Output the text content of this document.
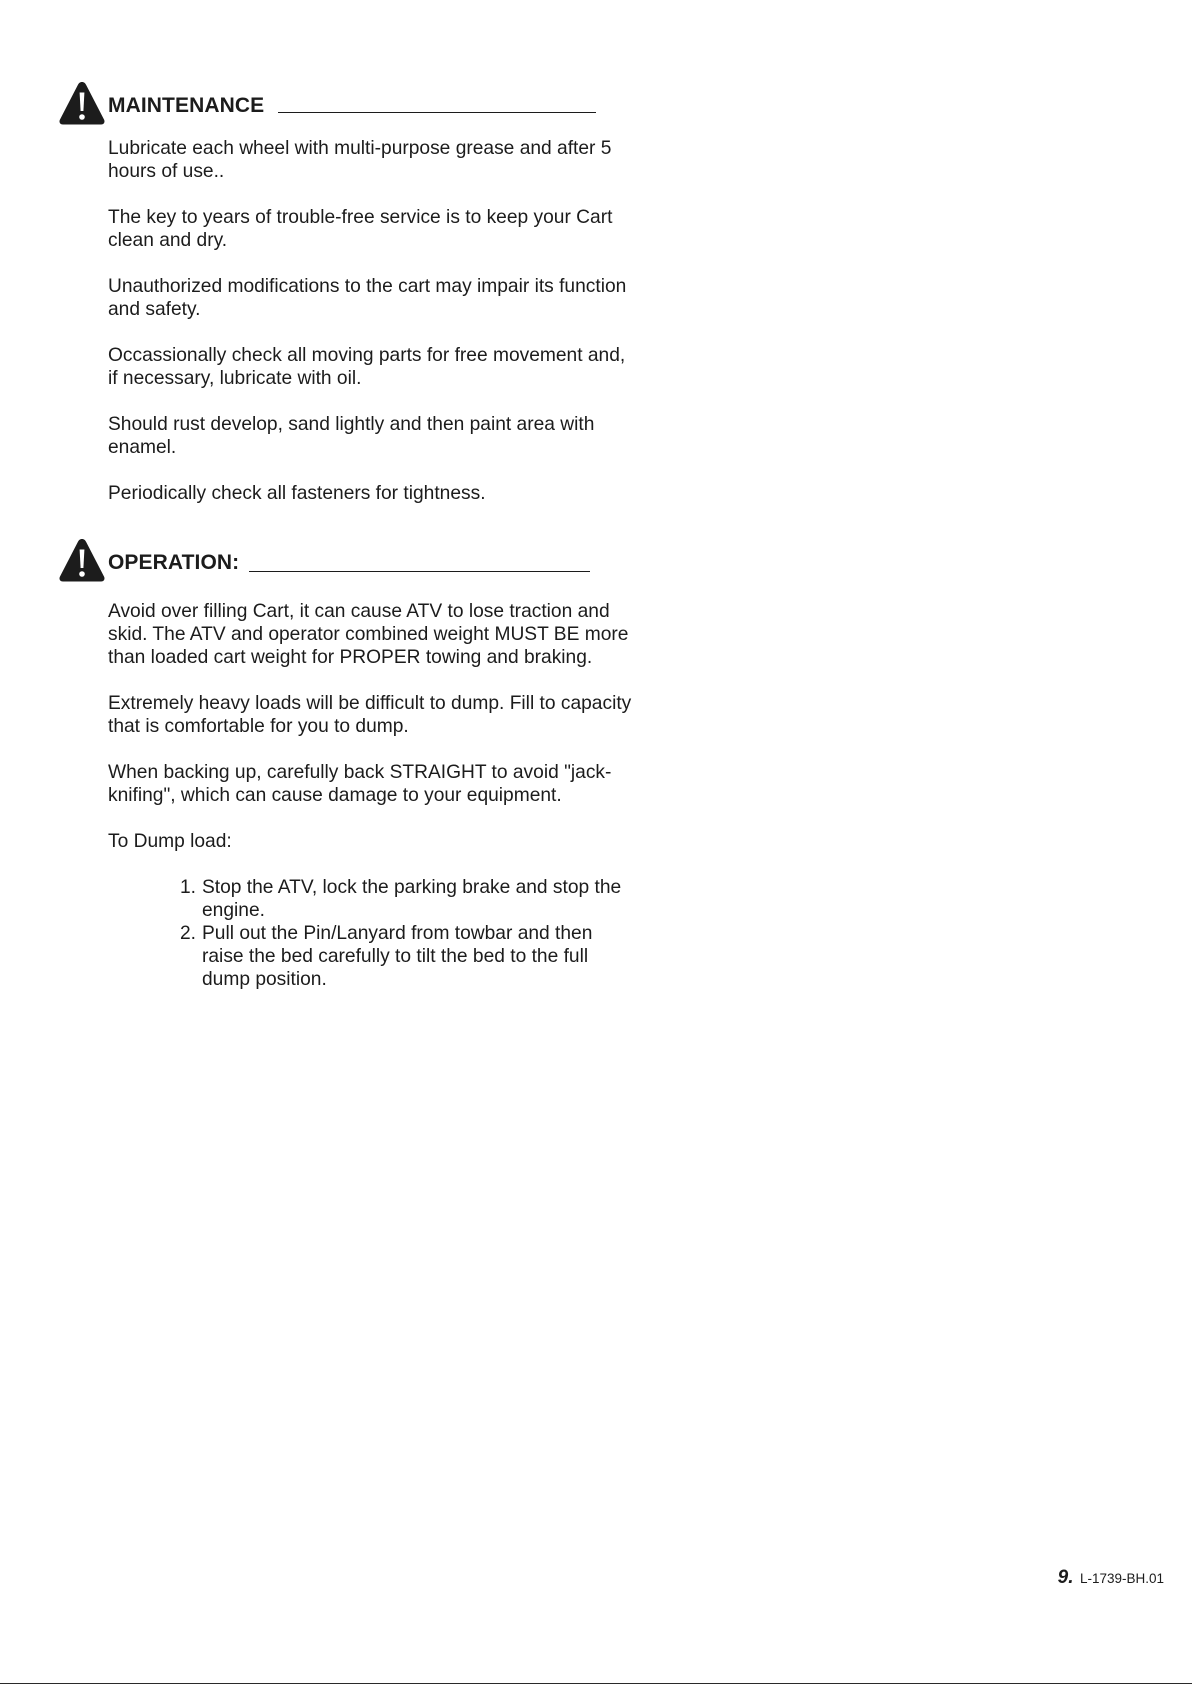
MAINTENANCE

Lubricate each wheel with multi-purpose grease and after 5 hours of use..

The key to years of trouble-free service is to keep your Cart clean and dry.

Unauthorized modifications to the cart may impair its function and safety.

Occassionally check all moving parts for free movement and, if necessary, lubricate with oil.

Should rust develop, sand lightly and then paint area with enamel.

Periodically check all fasteners for tightness.

OPERATION:

Avoid over filling Cart, it can cause ATV to lose traction and skid. The ATV and operator combined weight MUST BE more than loaded cart weight for PROPER towing and braking.

Extremely heavy loads will be difficult to dump. Fill to capacity that is comfortable for you to dump.

When backing up, carefully back STRAIGHT to avoid "jack-knifing", which can cause damage to your equipment.

To Dump load:

1. Stop the ATV, lock the parking brake and stop the engine.
2. Pull out the Pin/Lanyard from towbar and then raise the bed carefully to tilt the bed to the full dump position.
9. L-1739-BH.01
